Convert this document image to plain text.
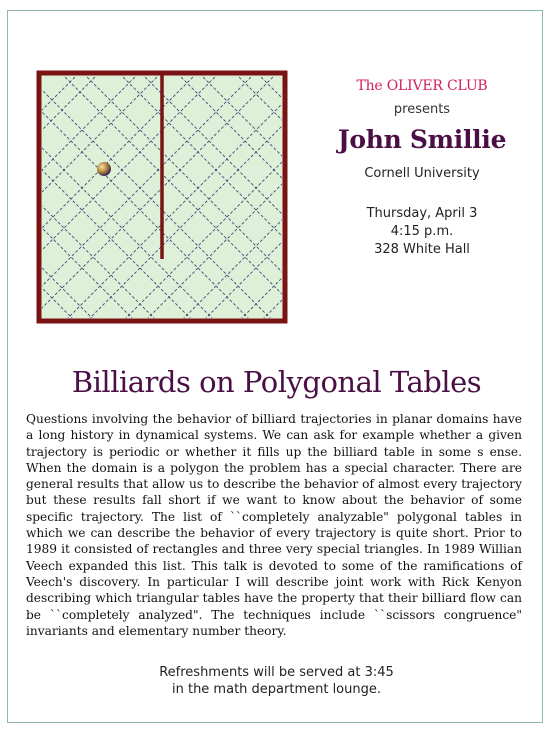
The OLIVER CLUB
presents
John Smillie
Cornell University
Thursday, April 3
4:15 p.m.
328 White Hall
Billiards on Polygonal Tables
Questions involving the behavior of billiard trajectories in planar domains have a long history in dynamical systems. We can ask for example whether a given trajectory is periodic or whether it fills up the billiard table in some s ense. When the domain is a polygon the problem has a special character. There are general results that allow us to describe the behavior of almost every trajectory but these results fall short if we want to know about the behavior of some specific trajectory. The list of ``completely analyzable" polygonal tables in which we can describe the behavior of every trajectory is quite short. Prior to 1989 it consisted of rectangles and three very special triangles. In 1989 Willian Veech expanded this list. This talk is devoted to some of the ramifications of Veech's discovery. In particular I will describe joint work with Rick Kenyon describing which triangular tables have the property that their billiard flow can be ``completely analyzed". The techniques include ``scissors congruence" invariants and elementary number theory.
Refreshments will be served at 3:45
in the math department lounge.
